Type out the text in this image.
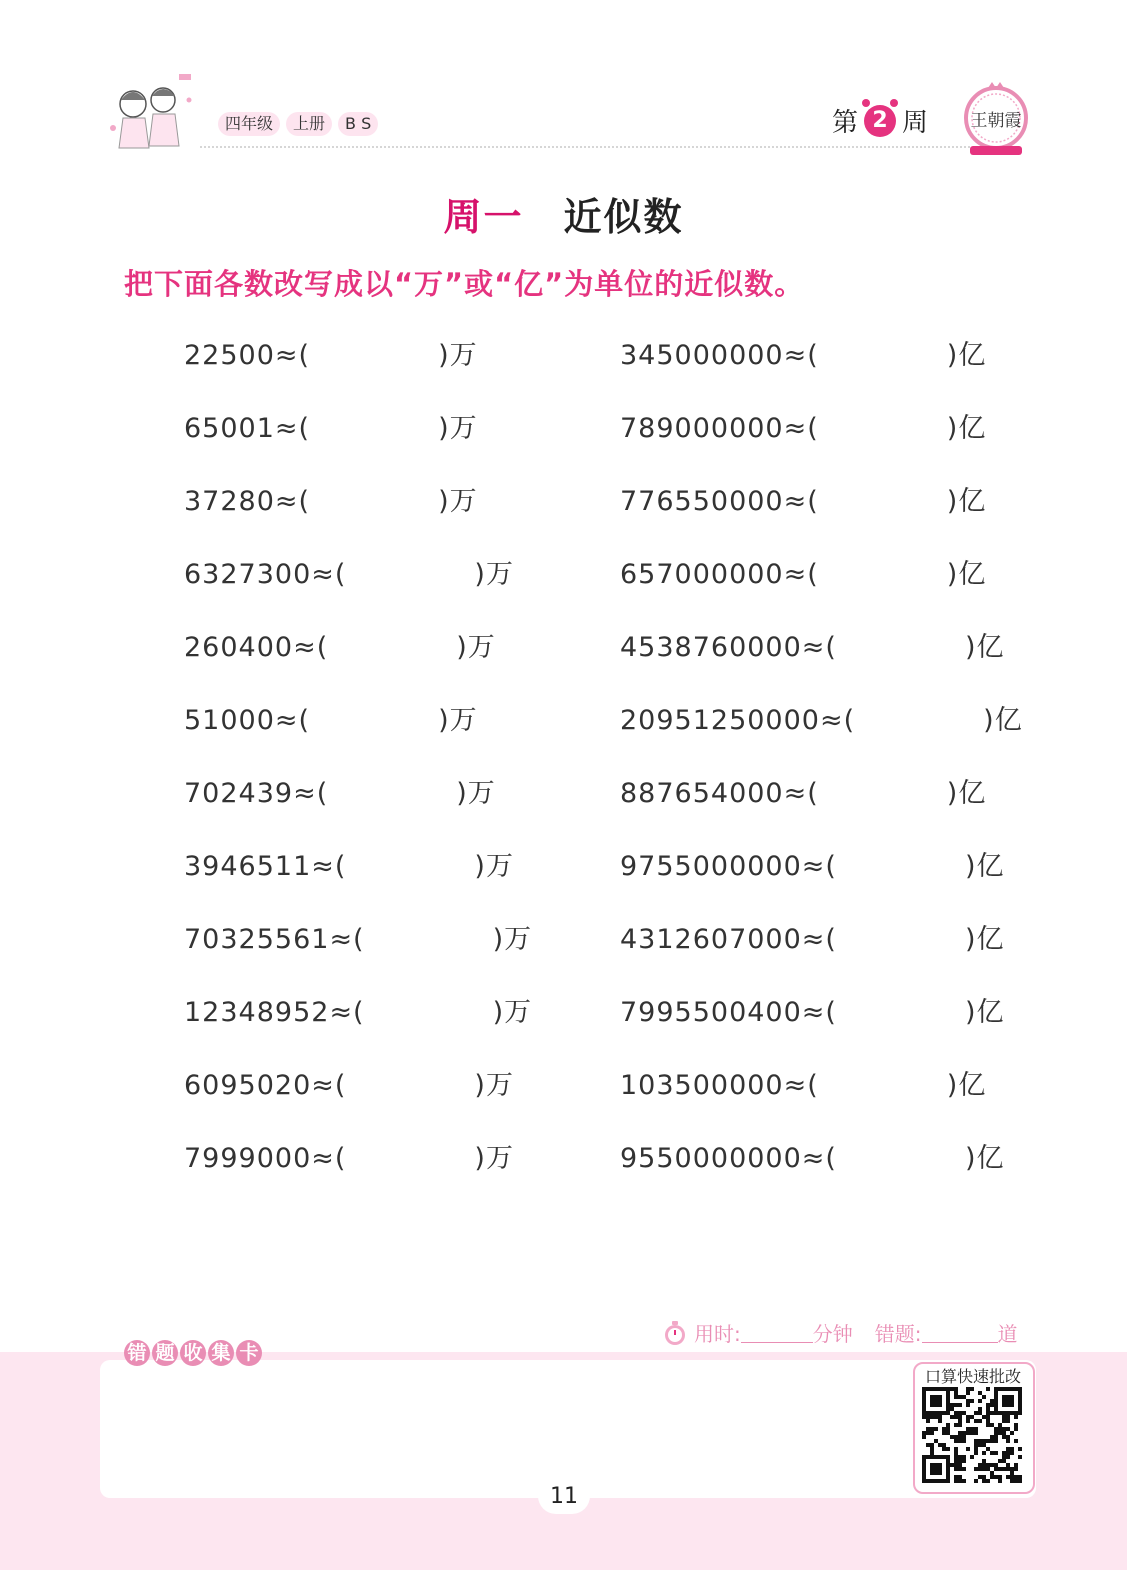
四年级	上册	B S	第 2 周 王朝霞
周一 近似数
把下面各数改写成以“万”或“亿”为单位的近似数。
22500≈(	)万
65001≈(	)万
37280≈(	)万
6327300≈(	)万
260400≈(	)万
51000≈(	)万
702439≈(	)万
3946511≈(	)万
70325561≈(	)万
12348952≈(	)万
6095020≈(	)万
7999000≈(	)万
345000000≈(	)亿
789000000≈(	)亿
776550000≈(	)亿
657000000≈(	)亿
4538760000≈(	)亿
20951250000≈(	)亿
887654000≈(	)亿
9755000000≈(	)亿
4312607000≈(	)亿
7995500400≈(	)亿
103500000≈(	)亿
9550000000≈(	)亿
用时:	分钟 错题:	道
错 题 收 集 卡
口算快速批改
11
